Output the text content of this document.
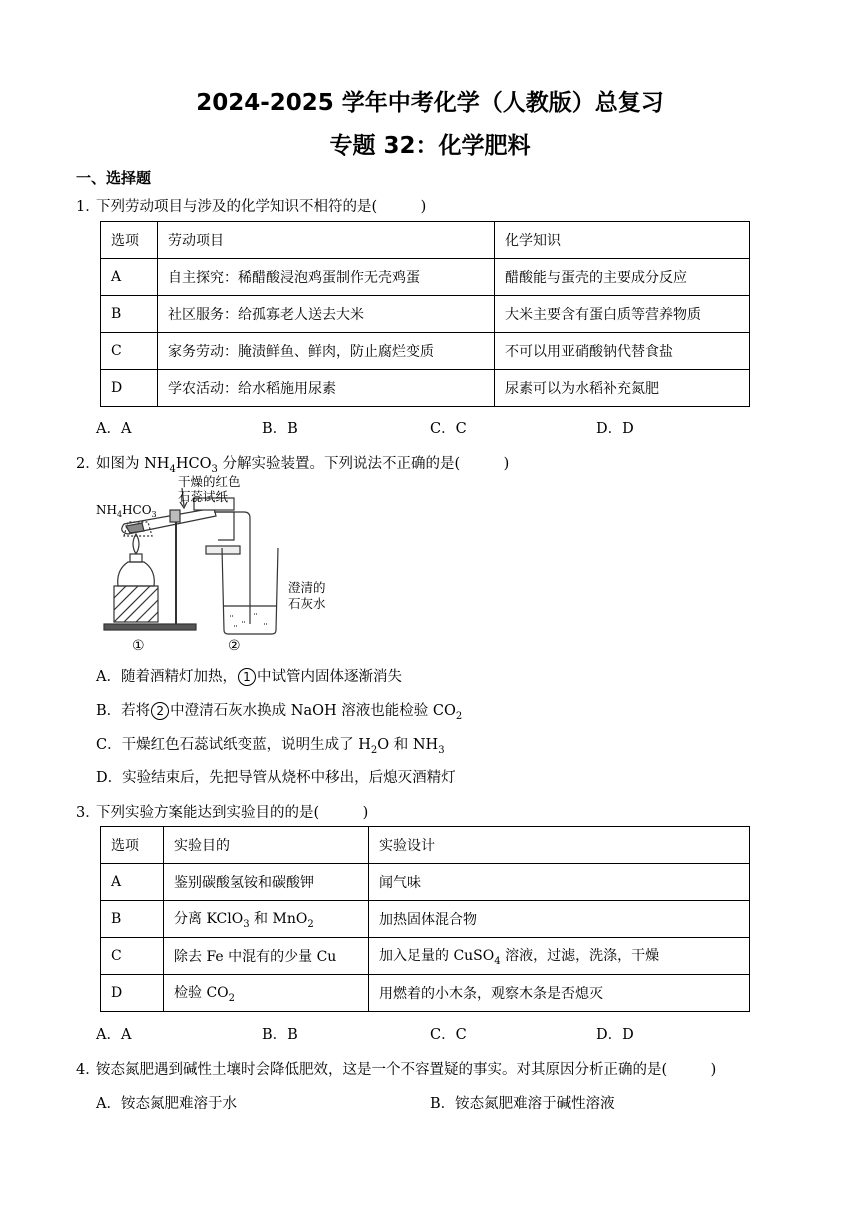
2024-2025 学年中考化学（人教版）总复习
专题 32：化学肥料
一、选择题
1．下列劳动项目与涉及的化学知识不相符的是(　　　)
选项	劳动项目	化学知识
A	自主探究：稀醋酸浸泡鸡蛋制作无壳鸡蛋	醋酸能与蛋壳的主要成分反应
B	社区服务：给孤寡老人送去大米	大米主要含有蛋白质等营养物质
C	家务劳动：腌渍鲜鱼、鲜肉，防止腐烂变质	不可以用亚硝酸钠代替食盐
D	学农活动：给水稻施用尿素	尿素可以为水稻补充氮肥
A．A	B．B	C．C	D．D
2．如图为 $NH_4HCO_3$ 分解实验装置。下列说法不正确的是(　　　)
$NH_4HCO_3$
干燥的红色
石蕊试纸
澄清的
石灰水
①	②
A．随着酒精灯加热， 1 中试管内固体逐渐消失
B．若将 2 中澄清石灰水换成 NaOH 溶液也能检验 $CO_2$
C．干燥红色石蕊试纸变蓝，说明生成了 $H_2O$ 和 $NH_3$
D．实验结束后，先把导管从烧杯中移出，后熄灭酒精灯
3．下列实验方案能达到实验目的的是(　　　)
选项	实验目的	实验设计
A	鉴别碳酸氢铵和碳酸钾	闻气味
B	分离 KClO$_3$ 和 MnO$_2$	加热固体混合物
C	除去 Fe 中混有的少量 Cu	加入足量的 CuSO$_4$ 溶液，过滤，洗涤，干燥
D	检验 $CO_2$	用燃着的小木条，观察木条是否熄灭
A．A	B．B	C．C	D．D
4．铵态氮肥遇到碱性土壤时会降低肥效，这是一个不容置疑的事实。对其原因分析正确的是(　　　)
A．铵态氮肥难溶于水	B．铵态氮肥难溶于碱性溶液
